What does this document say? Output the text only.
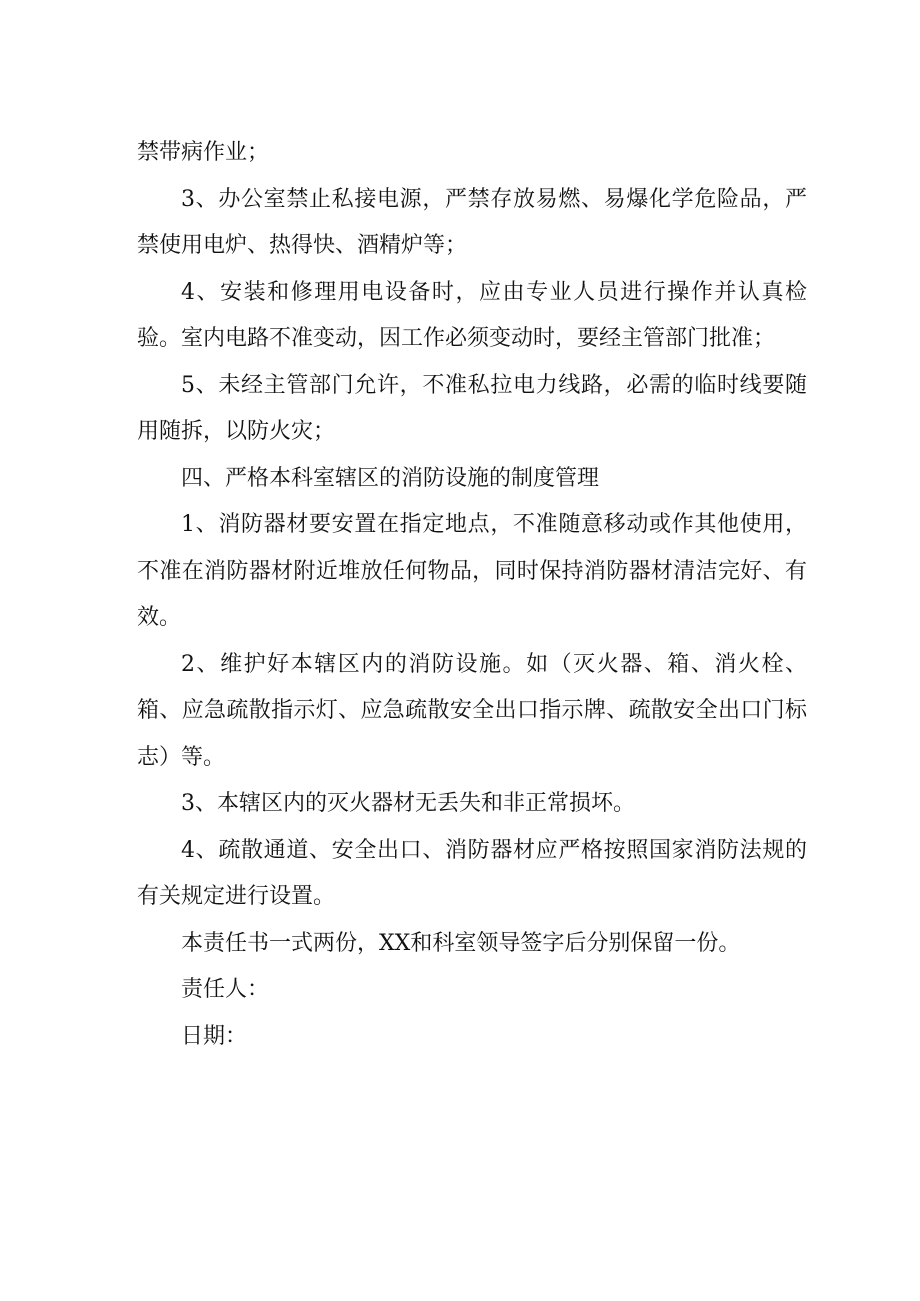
禁带病作业；

3、办公室禁止私接电源，严禁存放易燃、易爆化学危险品，严禁使用电炉、热得快、酒精炉等；

4、安装和修理用电设备时，应由专业人员进行操作并认真检验。室内电路不准变动，因工作必须变动时，要经主管部门批准；

5、未经主管部门允许，不准私拉电力线路，必需的临时线要随用随拆，以防火灾；

四、严格本科室辖区的消防设施的制度管理

1、消防器材要安置在指定地点，不准随意移动或作其他使用，不准在消防器材附近堆放任何物品，同时保持消防器材清洁完好、有效。

2、维护好本辖区内的消防设施。如（灭火器、箱、消火栓、箱、应急疏散指示灯、应急疏散安全出口指示牌、疏散安全出口门标志）等。

3、本辖区内的灭火器材无丢失和非正常损坏。

4、疏散通道、安全出口、消防器材应严格按照国家消防法规的有关规定进行设置。

本责任书一式两份，XX和科室领导签字后分别保留一份。

责任人：

日期：
